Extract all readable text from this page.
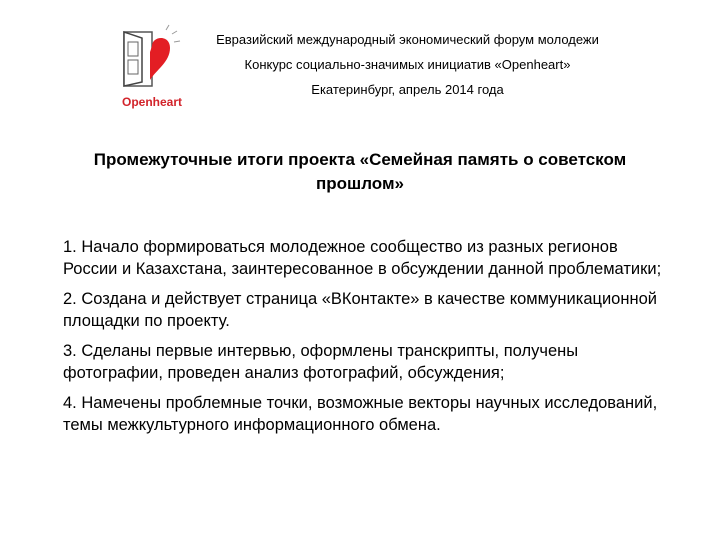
Openheart
Евразийский международный экономический форум молодежи
Конкурс социально-значимых инициатив «Openheart»
Екатеринбург, апрель 2014 года
Промежуточные итоги проекта «Семейная память о советском прошлом»
1. Начало формироваться молодежное сообщество из разных регионов России и Казахстана, заинтересованное в обсуждении данной проблематики;
2. Создана и действует страница «ВКонтакте» в качестве коммуникационной площадки по проекту.
3. Сделаны первые интервью, оформлены транскрипты, получены фотографии, проведен анализ фотографий, обсуждения;
4. Намечены проблемные точки, возможные векторы научных исследований, темы межкультурного информационного обмена.
